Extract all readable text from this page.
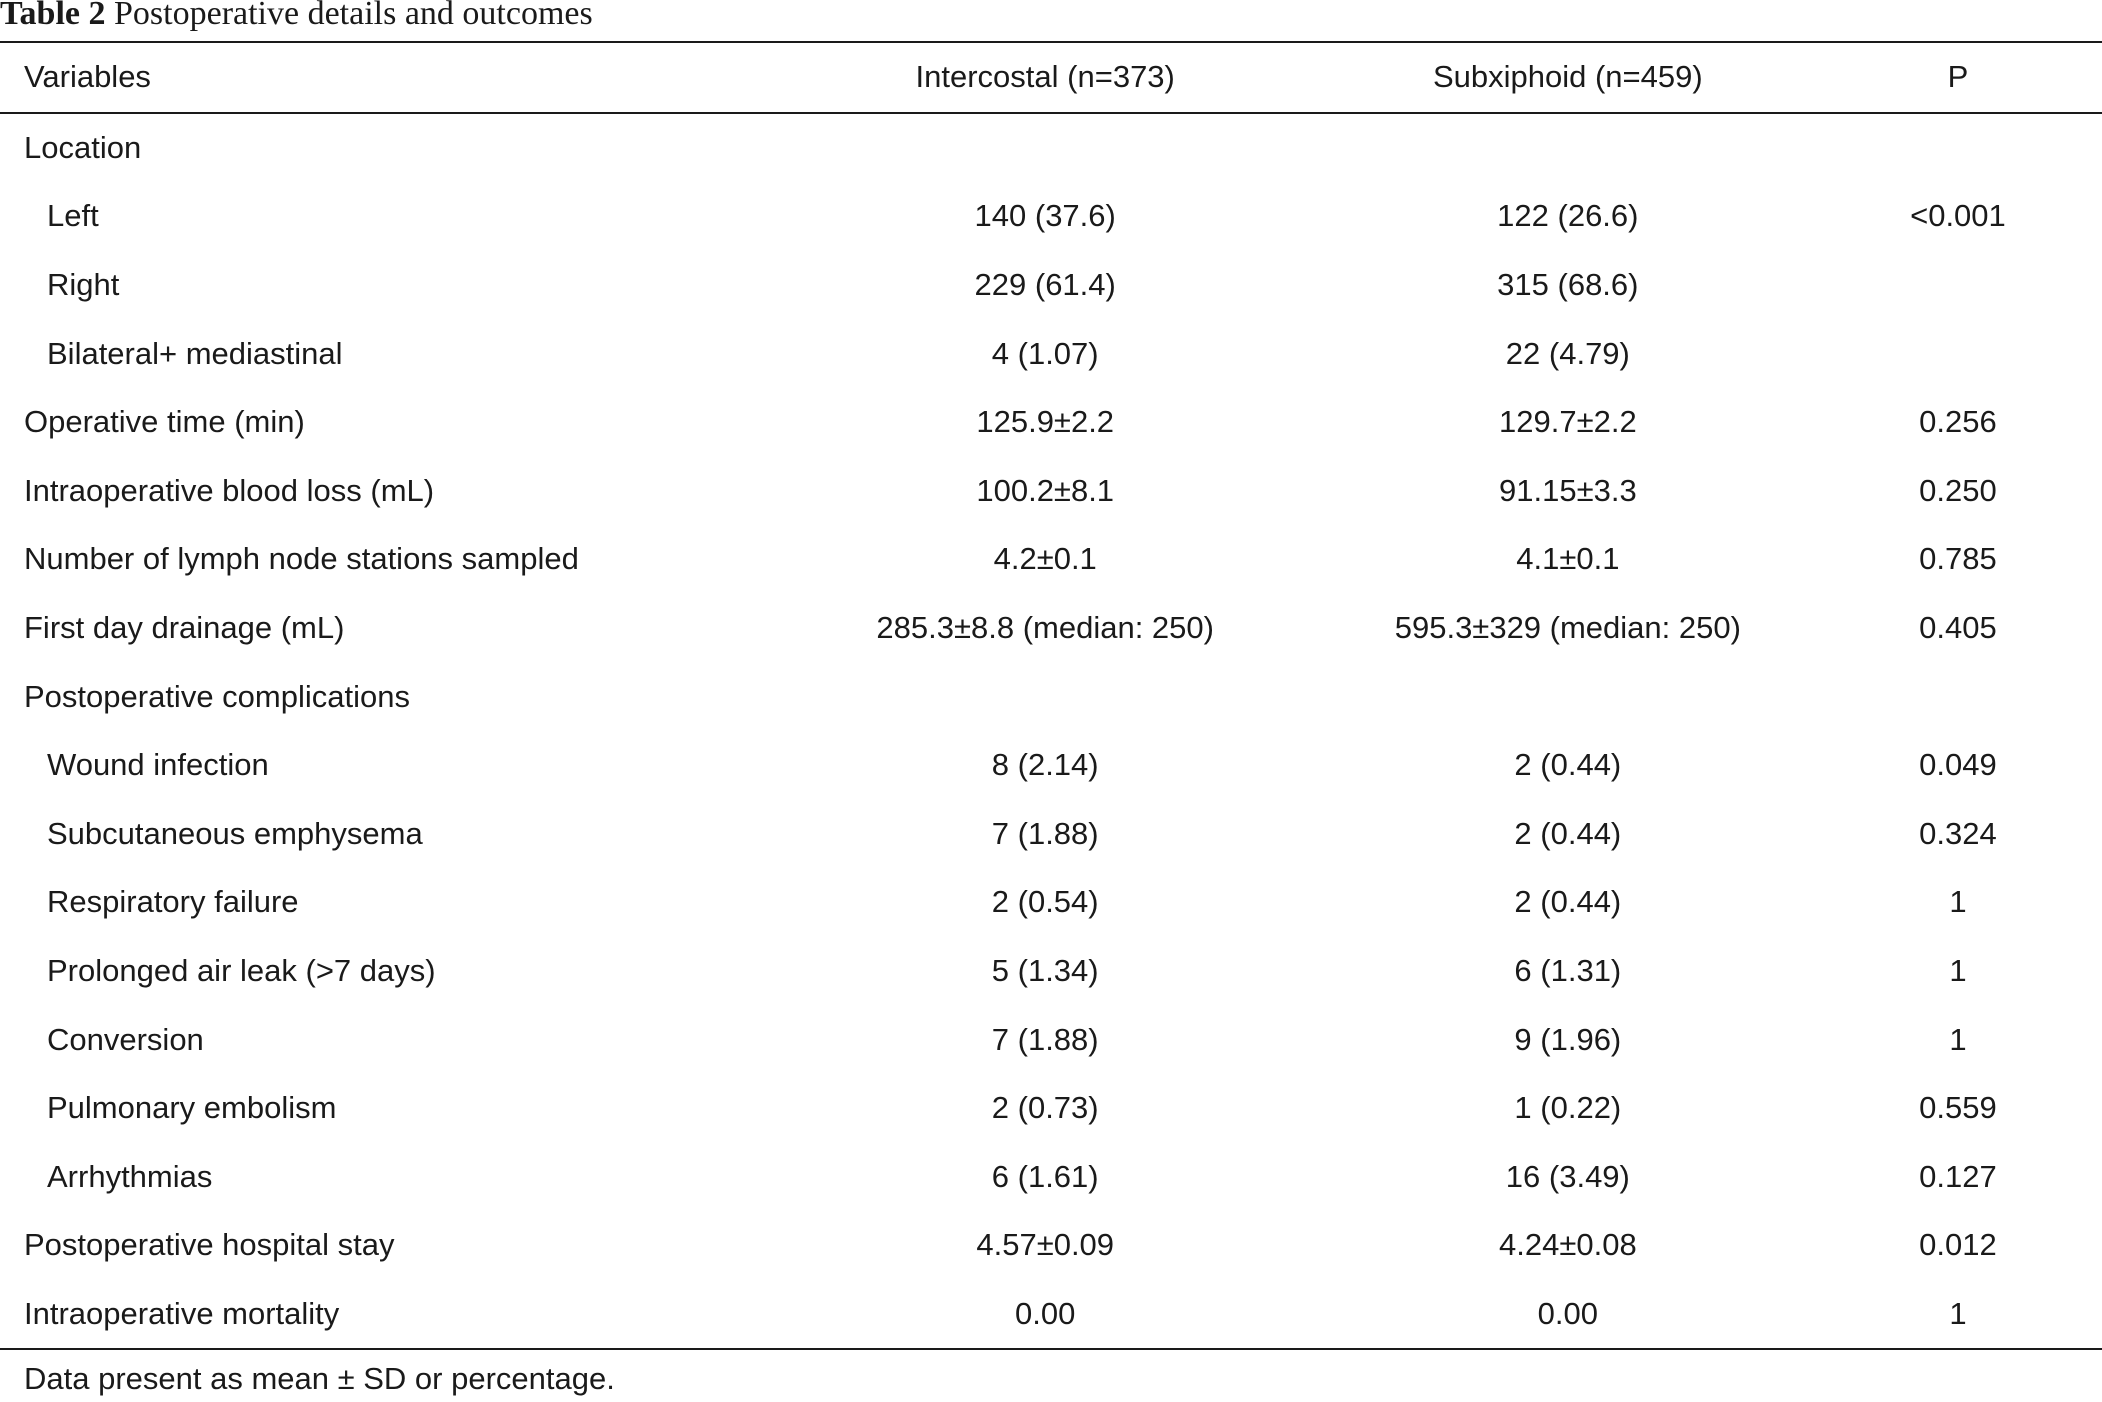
Table 2 Postoperative details and outcomes
Variables	Intercostal (n=373)	Subxiphoid (n=459)	P
Location			
Left	140 (37.6)	122 (26.6)	<0.001
Right	229 (61.4)	315 (68.6)	
Bilateral+ mediastinal	4 (1.07)	22 (4.79)	
Operative time (min)	125.9±2.2	129.7±2.2	0.256
Intraoperative blood loss (mL)	100.2±8.1	91.15±3.3	0.250
Number of lymph node stations sampled	4.2±0.1	4.1±0.1	0.785
First day drainage (mL)	285.3±8.8 (median: 250)	595.3±329 (median: 250)	0.405
Postoperative complications			
Wound infection	8 (2.14)	2 (0.44)	0.049
Subcutaneous emphysema	7 (1.88)	2 (0.44)	0.324
Respiratory failure	2 (0.54)	2 (0.44)	1
Prolonged air leak (>7 days)	5 (1.34)	6 (1.31)	1
Conversion	7 (1.88)	9 (1.96)	1
Pulmonary embolism	2 (0.73)	1 (0.22)	0.559
Arrhythmias	6 (1.61)	16 (3.49)	0.127
Postoperative hospital stay	4.57±0.09	4.24±0.08	0.012
Intraoperative mortality	0.00	0.00	1
Data present as mean ± SD or percentage.
